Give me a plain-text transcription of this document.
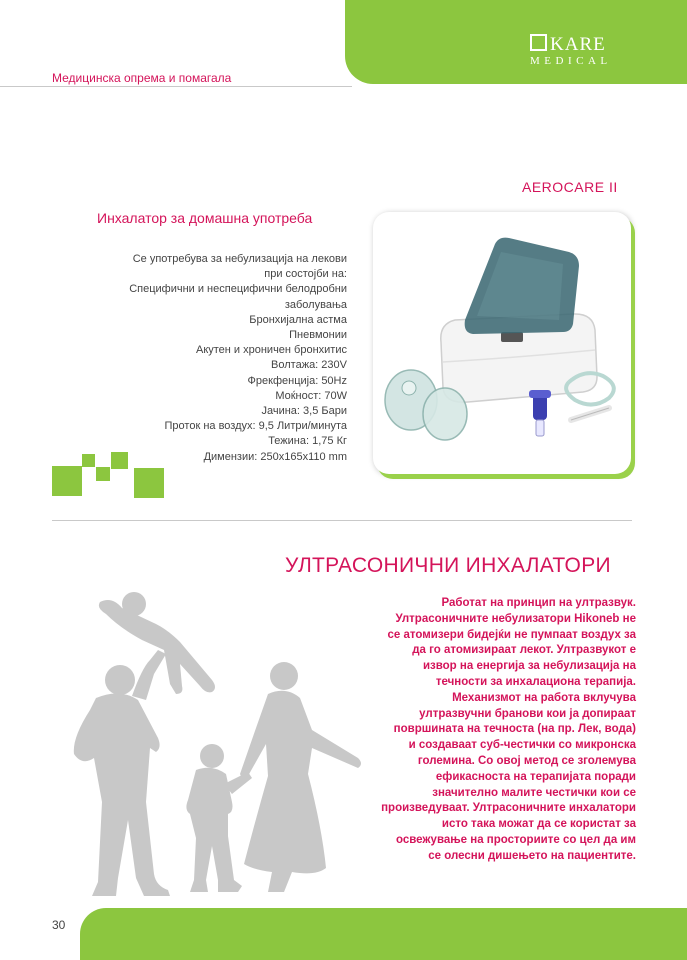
KARE
MEDICAL
Медицинска опрема и помагала
AEROCARE II
Инхалатор за домашна употреба
Се употребува за небулизација на лекови
при состојби на:
Специфични и неспецифични белодробни
заболувања
Бронхијална астма
Пневмонии
Акутен и хроничен бронхитис
Волтажа: 230V
Фрекфенција: 50Hz
Моќност: 70W
Јачина: 3,5 Бари
Проток на воздух: 9,5 Литри/минута
Тежина: 1,75 Кг
Димензии: 250x165x110 mm
УЛТРАСОНИЧНИ ИНХАЛАТОРИ
Работат на принцип на ултразвук.
Ултрасоничните небулизатори Hikoneb не
се атомизери бидејќи не пумпаат воздух за
да го атомизираат лекот. Ултразвукот е
извор на енергија за небулизација на
течности за инхалациона терапија.
Механизмот на работа вклучува
ултразвучни бранови кои ја допираат
површината на течноста (на пр. Лек, вода)
и создаваат суб-честички со микронска
големина. Со овој метод се зголемува
ефикасноста на терапијата поради
значително малите честички кои се
произведуваат. Ултрасоничните инхалатори
исто така можат да се користат за
освежување на просториите со цел да им
се олесни дишењето на пациентите.
30
